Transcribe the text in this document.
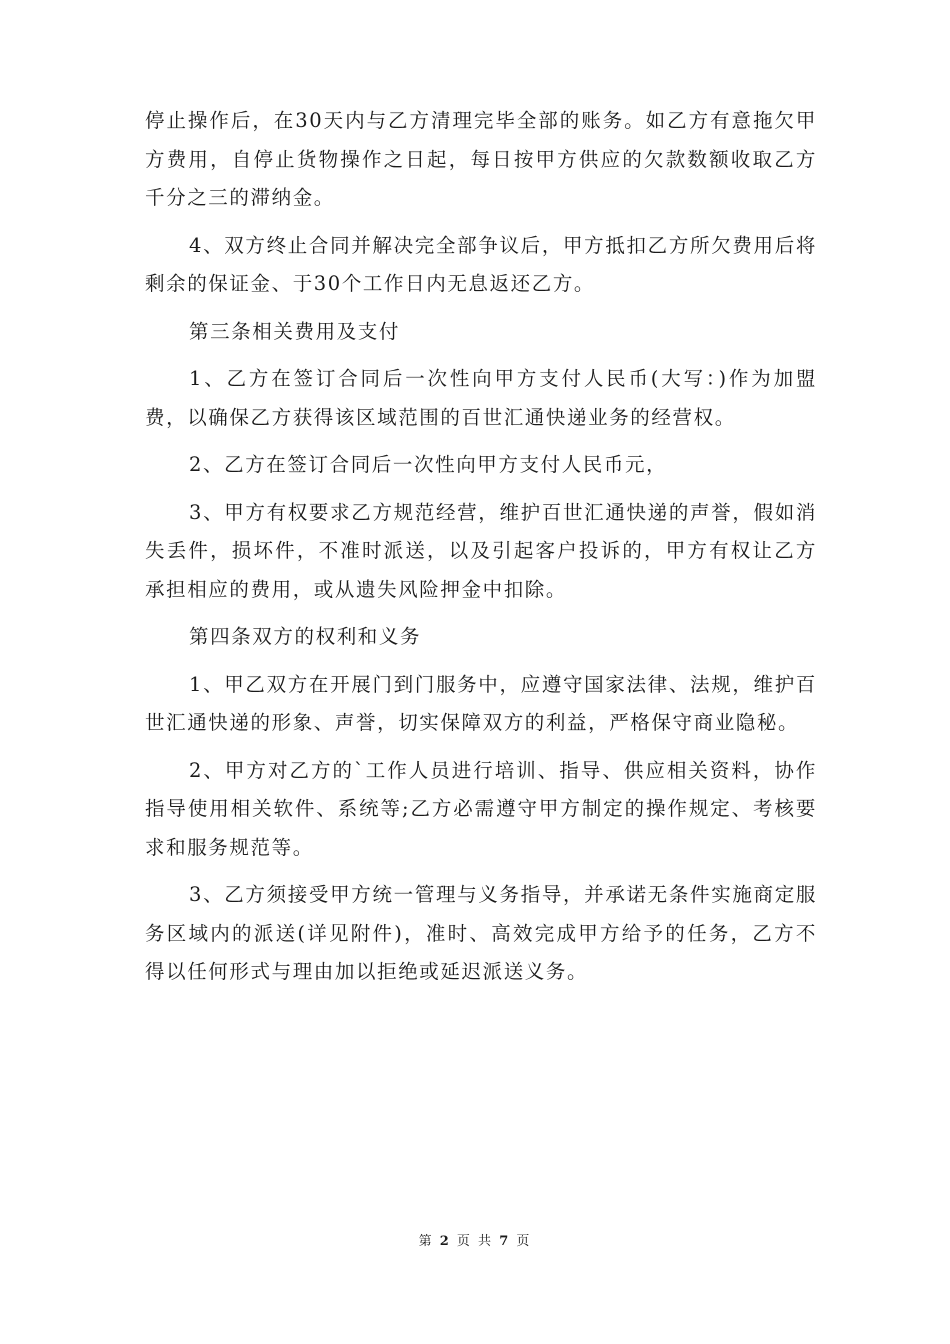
停止操作后，在30天内与乙方清理完毕全部的账务。如乙方有意拖欠甲方费用，自停止货物操作之日起，每日按甲方供应的欠款数额收取乙方千分之三的滞纳金。

4、双方终止合同并解决完全部争议后，甲方抵扣乙方所欠费用后将剩余的保证金、于30个工作日内无息返还乙方。

第三条相关费用及支付

1、乙方在签订合同后一次性向甲方支付人民币(大写：)作为加盟费，以确保乙方获得该区域范围的百世汇通快递业务的经营权。

2、乙方在签订合同后一次性向甲方支付人民币元，

3、甲方有权要求乙方规范经营，维护百世汇通快递的声誉，假如消失丢件，损坏件，不准时派送，以及引起客户投诉的，甲方有权让乙方承担相应的费用，或从遗失风险押金中扣除。

第四条双方的权利和义务

1、甲乙双方在开展门到门服务中，应遵守国家法律、法规，维护百世汇通快递的形象、声誉，切实保障双方的利益，严格保守商业隐秘。

2、甲方对乙方的`工作人员进行培训、指导、供应相关资料，协作指导使用相关软件、系统等;乙方必需遵守甲方制定的操作规定、考核要求和服务规范等。

3、乙方须接受甲方统一管理与义务指导，并承诺无条件实施商定服务区域内的派送(详见附件)，准时、高效完成甲方给予的任务，乙方不得以任何形式与理由加以拒绝或延迟派送义务。

第 2 页 共 7 页
